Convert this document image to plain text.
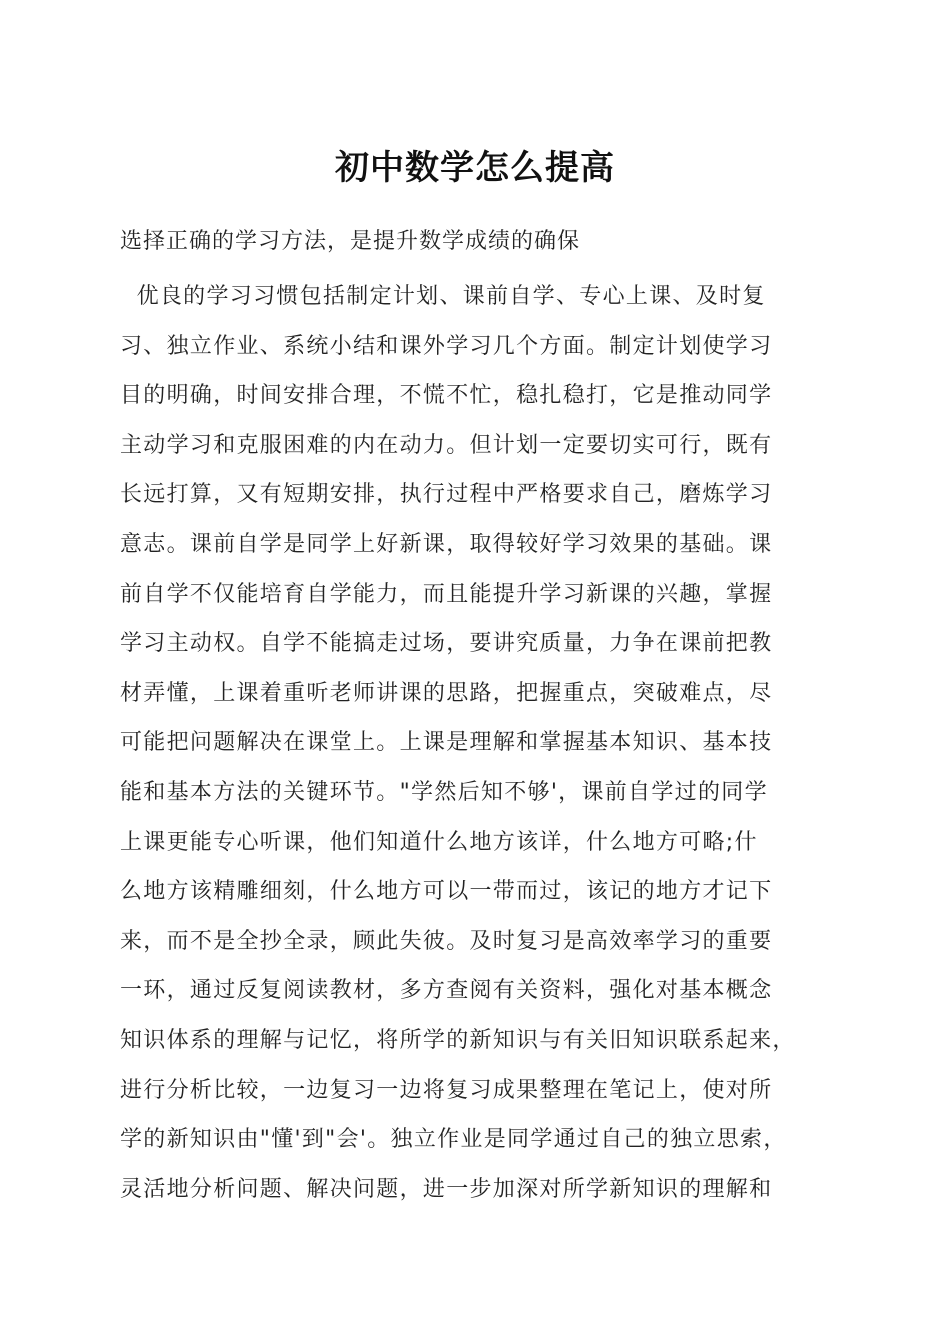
初中数学怎么提高
选择正确的学习方法，是提升数学成绩的确保
优良的学习习惯包括制定计划、课前自学、专心上课、及时复
习、独立作业、系统小结和课外学习几个方面。制定计划使学习
目的明确，时间安排合理，不慌不忙，稳扎稳打，它是推动同学
主动学习和克服困难的内在动力。但计划一定要切实可行，既有
长远打算，又有短期安排，执行过程中严格要求自己，磨炼学习
意志。课前自学是同学上好新课，取得较好学习效果的基础。课
前自学不仅能培育自学能力，而且能提升学习新课的兴趣，掌握
学习主动权。自学不能搞走过场，要讲究质量，力争在课前把教
材弄懂，上课着重听老师讲课的思路，把握重点，突破难点，尽
可能把问题解决在课堂上。上课是理解和掌握基本知识、基本技
能和基本方法的关键环节。"学然后知不够'，课前自学过的同学
上课更能专心听课，他们知道什么地方该详，什么地方可略;什
么地方该精雕细刻，什么地方可以一带而过，该记的地方才记下
来，而不是全抄全录，顾此失彼。及时复习是高效率学习的重要
一环，通过反复阅读教材，多方查阅有关资料，强化对基本概念
知识体系的理解与记忆，将所学的新知识与有关旧知识联系起来，
进行分析比较，一边复习一边将复习成果整理在笔记上，使对所
学的新知识由"懂'到"会'。独立作业是同学通过自己的独立思索，
灵活地分析问题、解决问题，进一步加深对所学新知识的理解和
